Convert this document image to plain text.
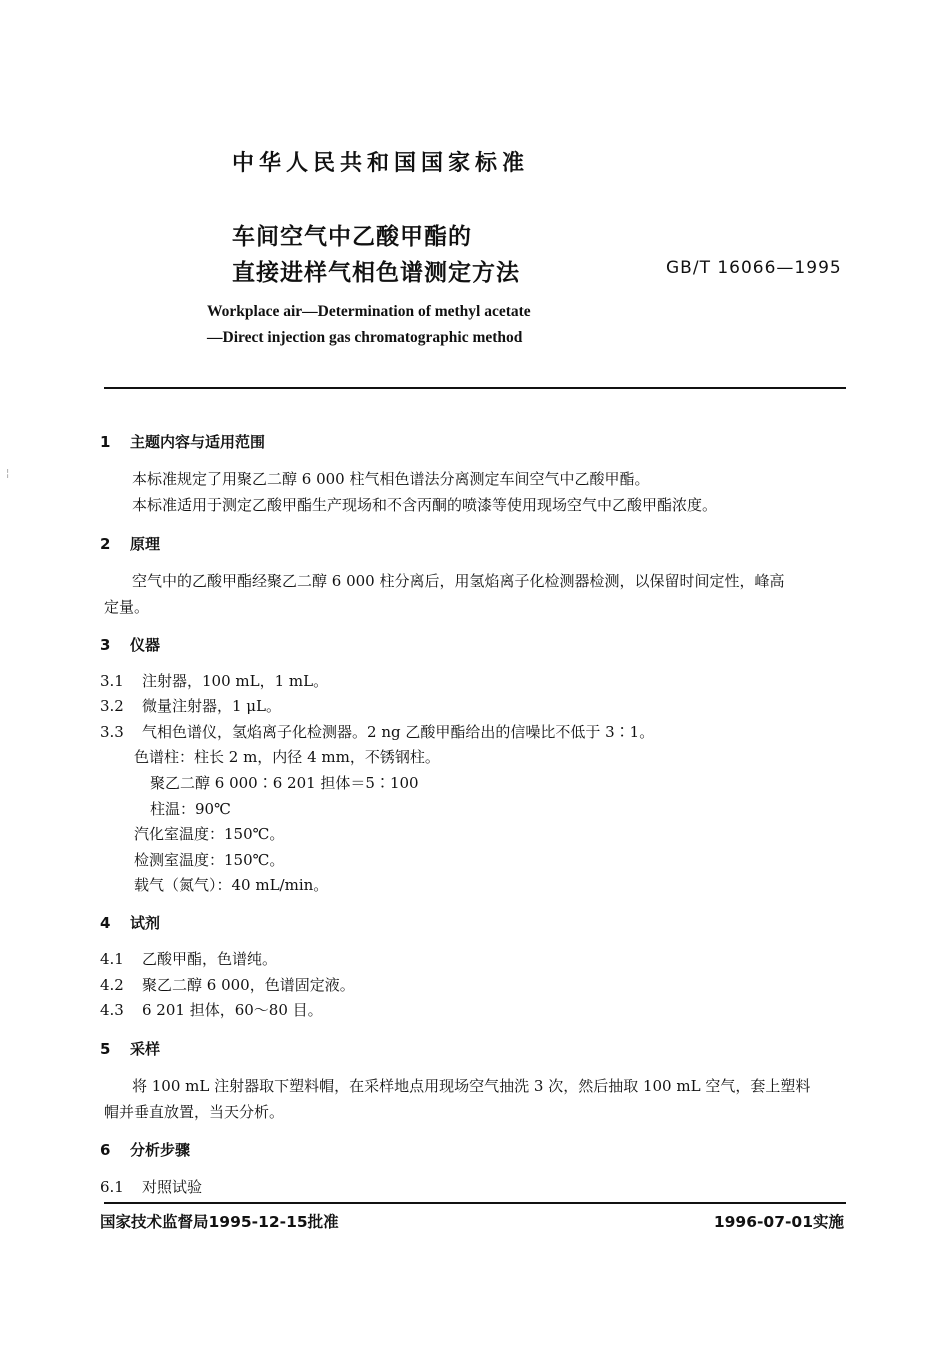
中华人民共和国国家标准
车间空气中乙酸甲酯的
直接进样气相色谱测定方法	GB/T 16066—1995
Workplace air—Determination of methyl acetate
—Direct injection gas chromatographic method
1 主题内容与适用范围
本标准规定了用聚乙二醇 6 000 柱气相色谱法分离测定车间空气中乙酸甲酯。
本标准适用于测定乙酸甲酯生产现场和不含丙酮的喷漆等使用现场空气中乙酸甲酯浓度。
¦
2 原理
空气中的乙酸甲酯经聚乙二醇 6 000 柱分离后，用氢焰离子化检测器检测，以保留时间定性，峰高
定量。
3 仪器
3.1 注射器，100 mL，1 mL。
3.2 微量注射器，1 μL。
3.3 气相色谱仪，氢焰离子化检测器。2 ng 乙酸甲酯给出的信噪比不低于 3∶1。
色谱柱：柱长 2 m，内径 4 mm，不锈钢柱。
聚乙二醇 6 000∶6 201 担体＝5∶100
柱温：90℃
汽化室温度：150℃。
检测室温度：150℃。
载气（氮气）：40 mL/min。
4 试剂
4.1 乙酸甲酯，色谱纯。
4.2 聚乙二醇 6 000，色谱固定液。
4.3 6 201 担体，60～80 目。
5 采样
将 100 mL 注射器取下塑料帽，在采样地点用现场空气抽洗 3 次，然后抽取 100 mL 空气，套上塑料
帽并垂直放置，当天分析。
6 分析步骤
6.1 对照试验
国家技术监督局1995-12-15批准	1996-07-01实施
